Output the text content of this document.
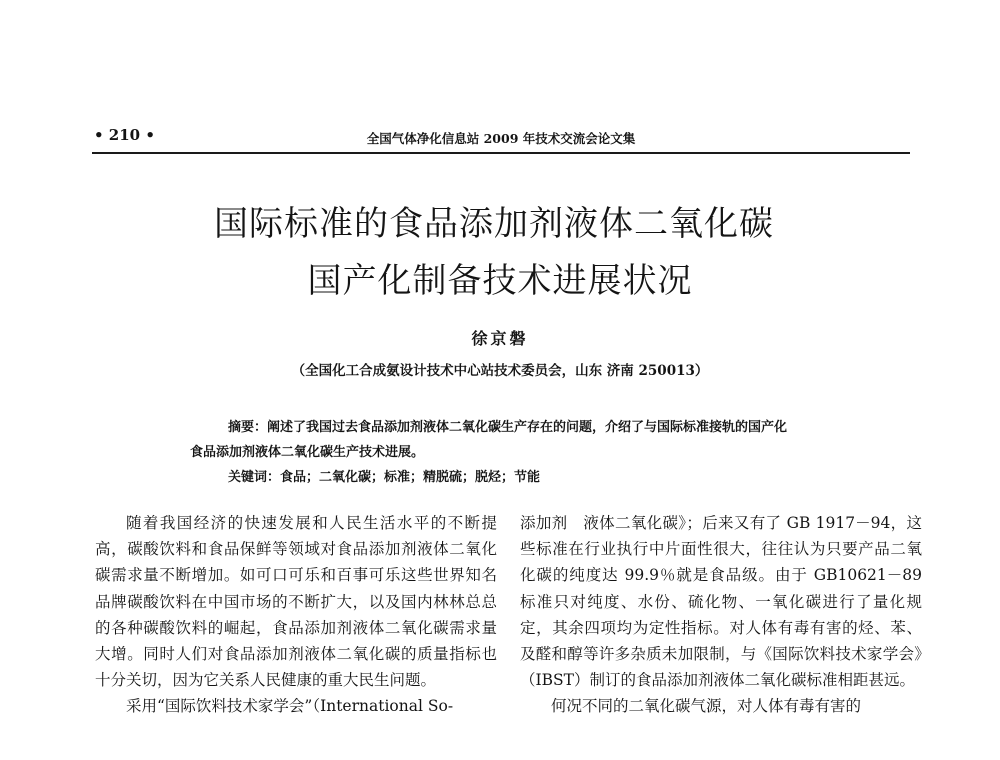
• 210 •	全国气体净化信息站 2009 年技术交流会论文集
国际标准的食品添加剂液体二氧化碳
国产化制备技术进展状况
徐京磐
（全国化工合成氨设计技术中心站技术委员会，山东 济南 250013）
摘要：阐述了我国过去食品添加剂液体二氧化碳生产存在的问题，介绍了与国际标准接轨的国产化
食品添加剂液体二氧化碳生产技术进展。
关键词：食品；二氧化碳；标准；精脱硫；脱烃；节能

随着我国经济的快速发展和人民生活水平的不断提高，碳酸饮料和食品保鲜等领域对食品添加剂液体二氧化碳需求量不断增加。如可口可乐和百事可乐这些世界知名品牌碳酸饮料在中国市场的不断扩大，以及国内林林总总的各种碳酸饮料的崛起，食品添加剂液体二氧化碳需求量大增。同时人们对食品添加剂液体二氧化碳的质量指标也十分关切，因为它关系人民健康的重大民生问题。

采用“国际饮料技术家学会”（International So-

添加剂　液体二氧化碳》；后来又有了 GB 1917－94，这些标准在行业执行中片面性很大，往往认为只要产品二氧化碳的纯度达 99.9％就是食品级。由于 GB10621－89 标准只对纯度、水份、硫化物、一氧化碳进行了量化规定，其余四项均为定性指标。对人体有毒有害的烃、苯、及醛和醇等许多杂质未加限制，与《国际饮料技术家学会》（IBST）制订的食品添加剂液体二氧化碳标准相距甚远。

何况不同的二氧化碳气源，对人体有毒有害的
